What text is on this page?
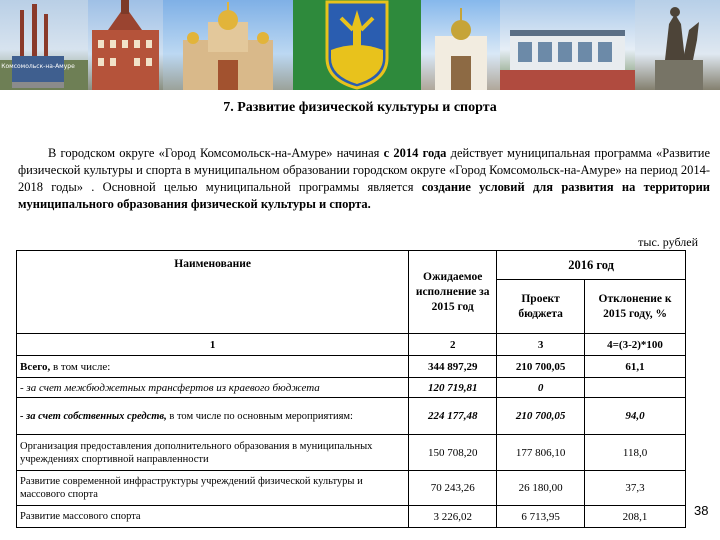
Комсомольск-на-Амуре
7. Развитие физической культуры и спорта
В городском округе «Город Комсомольск-на-Амуре» начиная с 2014 года действует муниципальная программа «Развитие физической культуры и спорта в муниципальном образовании городском округе «Город Комсомольск-на-Амуре» на период 2014-2018 годы» . Основной целью муниципальной программы является создание условий для развития на территории муниципального образования физической культуры и спорта.
тыс. рублей
Наименование	Ожидаемое исполнение за 2015 год	2016 год	
		Проект бюджета	Отклонение к 2015 году, %
1	2	3	4=(3-2)*100
Всего, в том числе:	344 897,29	210 700,05	61,1
- за счет межбюджетных трансфертов из краевого бюджета	120 719,81	0	
- за счет собственных средств, в том числе по основным мероприятиям:	224 177,48	210 700,05	94,0
Организация предоставления дополнительного образования в муниципальных учреждениях спортивной направленности	150 708,20	177 806,10	118,0
Развитие современной инфраструктуры учреждений физической культуры и массового спорта	70 243,26	26 180,00	37,3
Развитие массового спорта	3 226,02	6 713,95	208,1	38
